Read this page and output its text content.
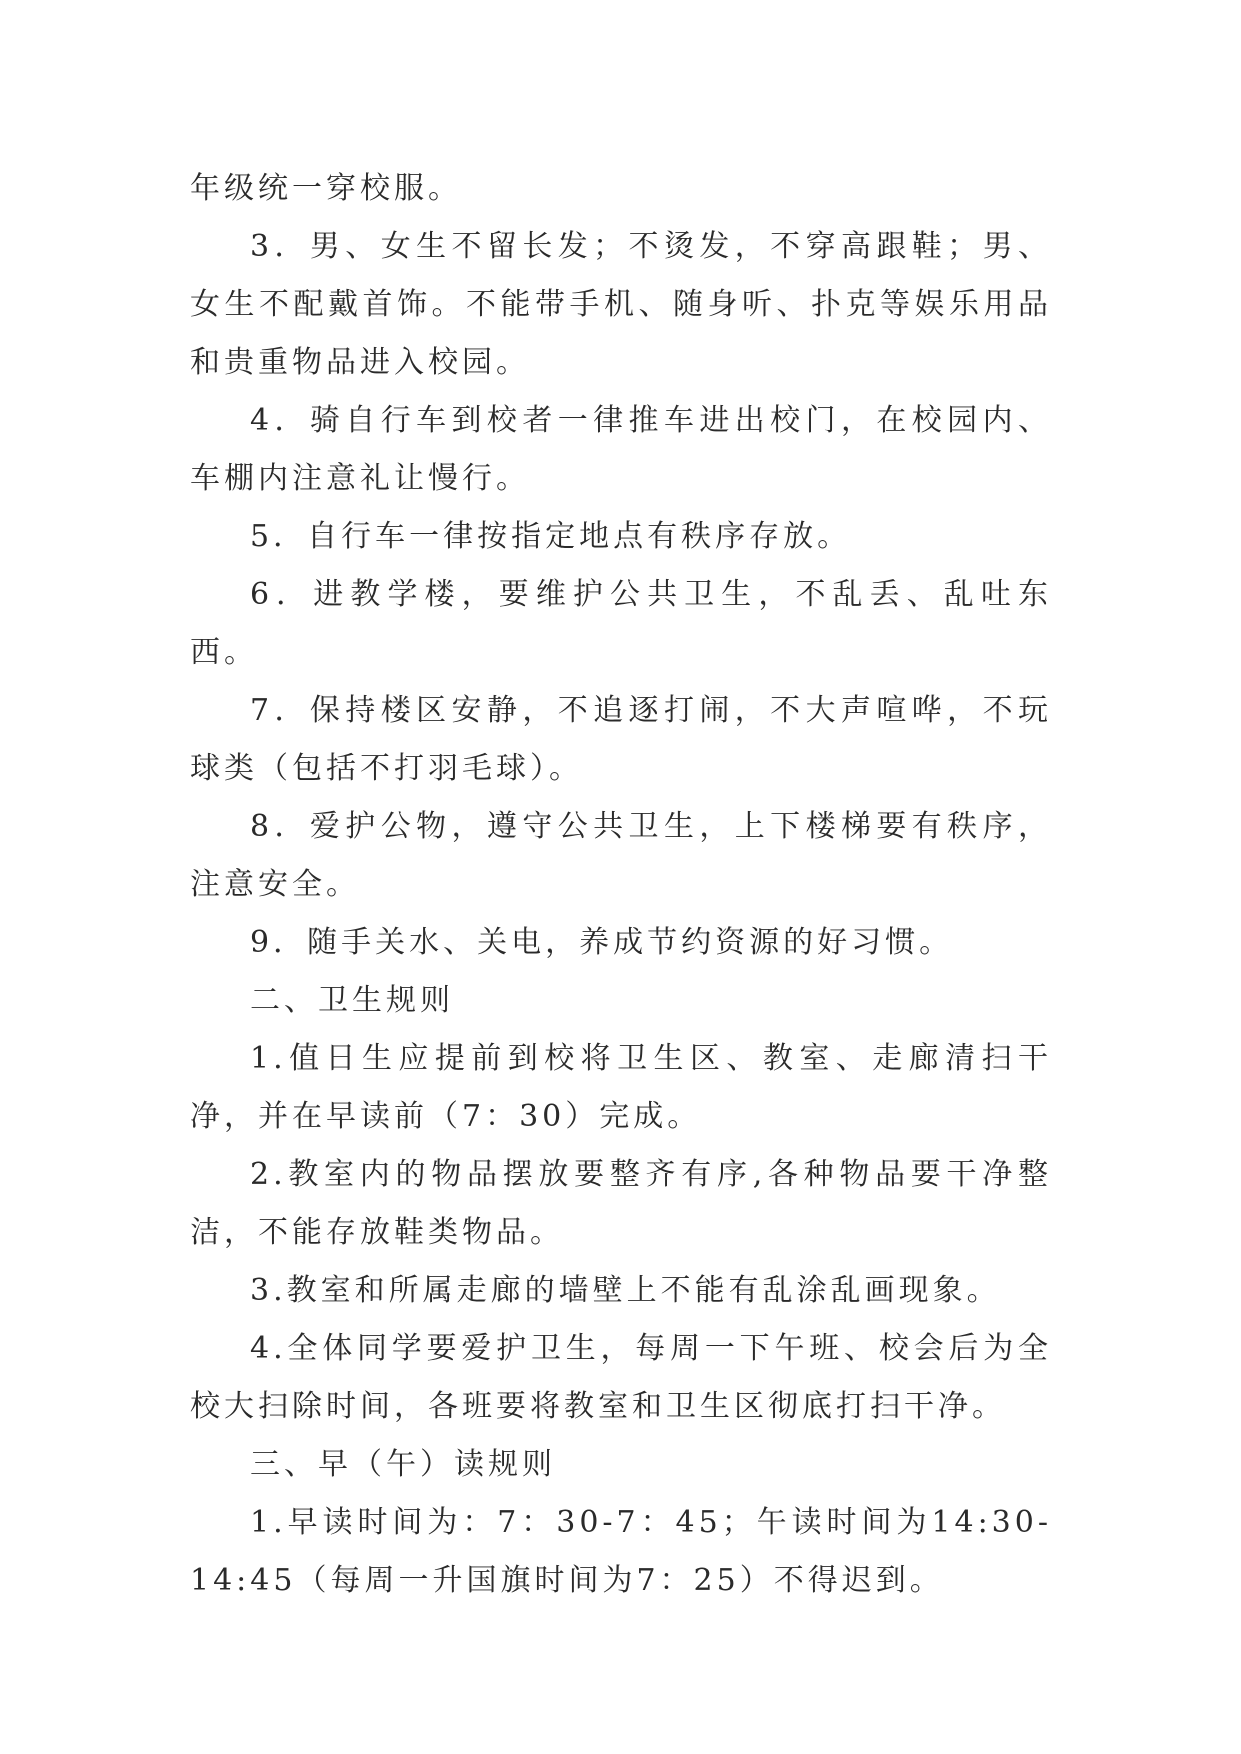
年级统一穿校服。

3．男、女生不留长发；不烫发，不穿高跟鞋；男、女生不配戴首饰。不能带手机、随身听、扑克等娱乐用品和贵重物品进入校园。

4．骑自行车到校者一律推车进出校门，在校园内、车棚内注意礼让慢行。

5．自行车一律按指定地点有秩序存放。

6．进教学楼，要维护公共卫生，不乱丢、乱吐东西。

7．保持楼区安静，不追逐打闹，不大声喧哗，不玩球类（包括不打羽毛球）。

8．爱护公物，遵守公共卫生，上下楼梯要有秩序，注意安全。

9．随手关水、关电，养成节约资源的好习惯。

二、卫生规则

1.值日生应提前到校将卫生区、教室、走廊清扫干净，并在早读前（7：30）完成。

2.教室内的物品摆放要整齐有序,各种物品要干净整洁，不能存放鞋类物品。

3.教室和所属走廊的墙壁上不能有乱涂乱画现象。

4.全体同学要爱护卫生，每周一下午班、校会后为全校大扫除时间，各班要将教室和卫生区彻底打扫干净。

三、早（午）读规则

1.早读时间为：7：30-7：45；午读时间为14:30-14:45（每周一升国旗时间为7：25）不得迟到。
